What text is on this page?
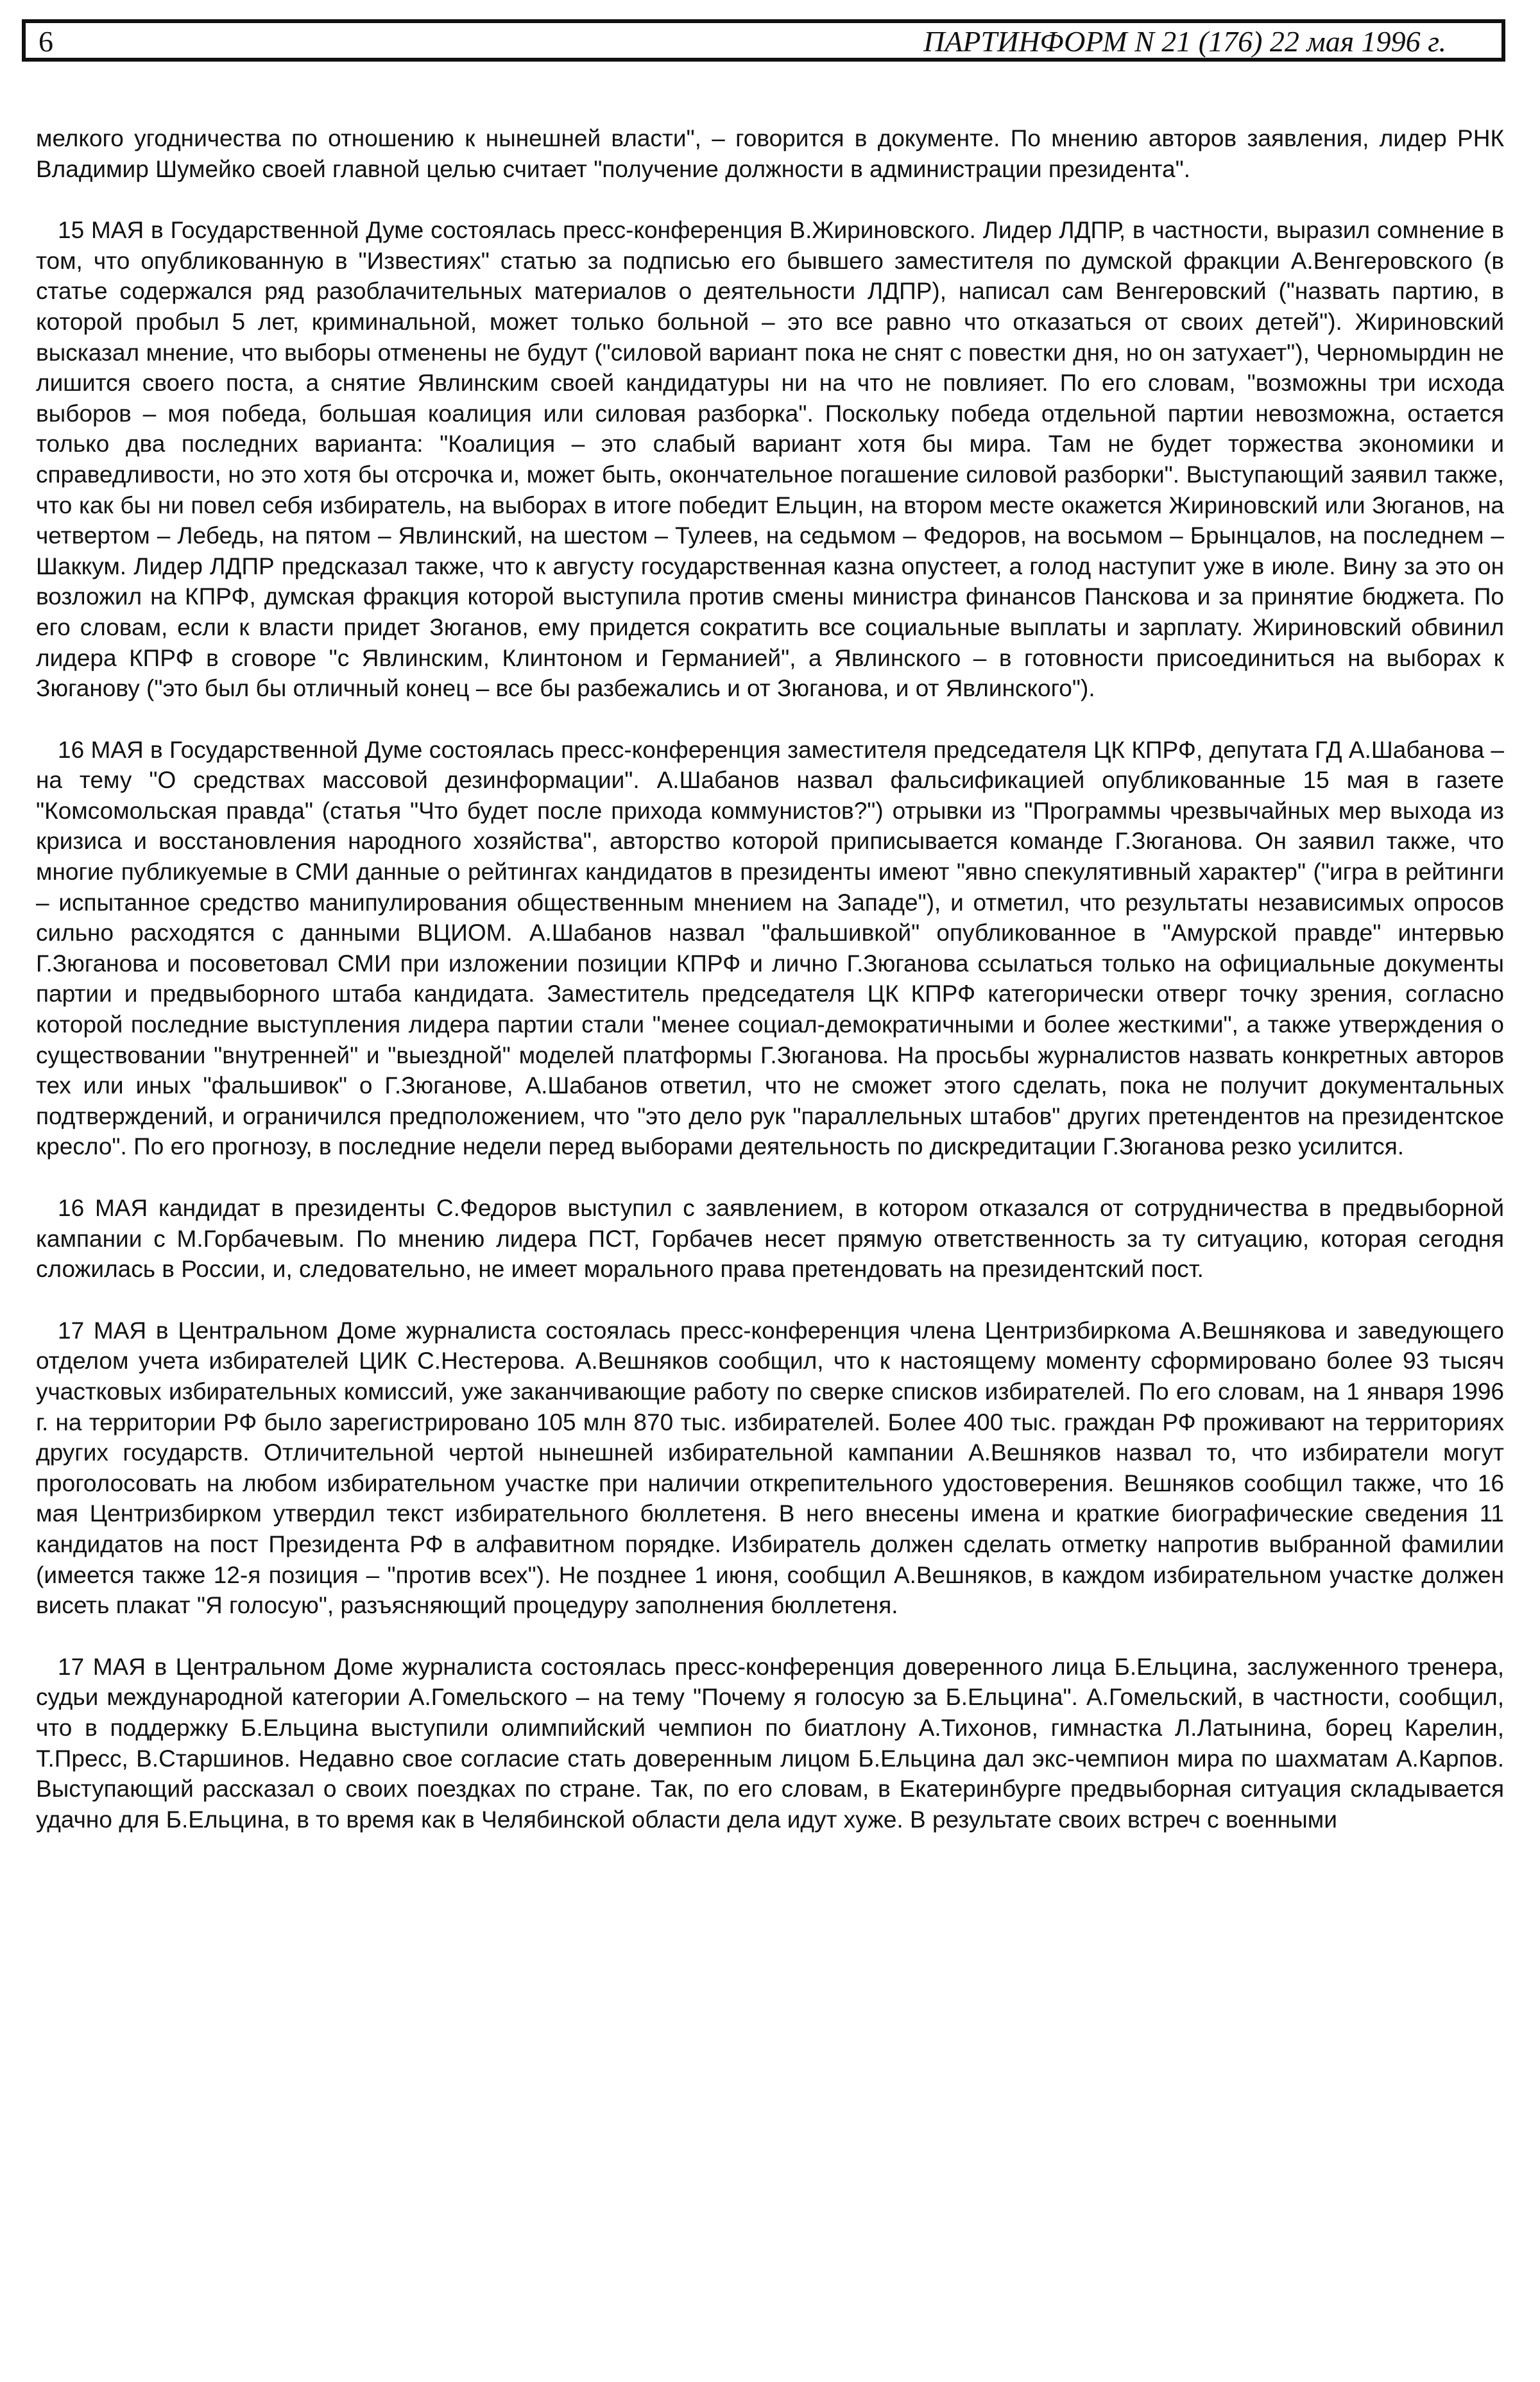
6	ПАРТИНФОРМ N 21 (176) 22 мая 1996 г.

мелкого угодничества по отношению к нынешней власти", – говорится в документе. По мнению авторов заявления, лидер РНК Владимир Шумейко своей главной целью считает "получение должности в администрации президента".

15 МАЯ в Государственной Думе состоялась пресс-конференция В.Жириновского. Лидер ЛДПР, в частности, выразил сомнение в том, что опубликованную в "Известиях" статью за подписью его бывшего заместителя по думской фракции А.Венгеровского (в статье содержался ряд разоблачительных материалов о деятельности ЛДПР), написал сам Венгеровский ("назвать партию, в которой пробыл 5 лет, криминальной, может только больной – это все равно что отказаться от своих детей"). Жириновский высказал мнение, что выборы отменены не будут ("силовой вариант пока не снят с повестки дня, но он затухает"), Черномырдин не лишится своего поста, а снятие Явлинским своей кандидатуры ни на что не повлияет. По его словам, "возможны три исхода выборов – моя победа, большая коалиция или силовая разборка". Поскольку победа отдельной партии невозможна, остается только два последних варианта: "Коалиция – это слабый вариант хотя бы мира. Там не будет торжества экономики и справедливости, но это хотя бы отсрочка и, может быть, окончательное погашение силовой разборки". Выступающий заявил также, что как бы ни повел себя избиратель, на выборах в итоге победит Ельцин, на втором месте окажется Жириновский или Зюганов, на четвертом – Лебедь, на пятом – Явлинский, на шестом – Тулеев, на седьмом – Федоров, на восьмом – Брынцалов, на последнем – Шаккум. Лидер ЛДПР предсказал также, что к августу государственная казна опустеет, а голод наступит уже в июле. Вину за это он возложил на КПРФ, думская фракция которой выступила против смены министра финансов Панскова и за принятие бюджета. По его словам, если к власти придет Зюганов, ему придется сократить все социальные выплаты и зарплату. Жириновский обвинил лидера КПРФ в сговоре "с Явлинским, Клинтоном и Германией", а Явлинского – в готовности присоединиться на выборах к Зюганову ("это был бы отличный конец – все бы разбежались и от Зюганова, и от Явлинского").

16 МАЯ в Государственной Думе состоялась пресс-конференция заместителя председателя ЦК КПРФ, депутата ГД А.Шабанова – на тему "О средствах массовой дезинформации". А.Шабанов назвал фальсификацией опубликованные 15 мая в газете "Комсомольская правда" (статья "Что будет после прихода коммунистов?") отрывки из "Программы чрезвычайных мер выхода из кризиса и восстановления народного хозяйства", авторство которой приписывается команде Г.Зюганова. Он заявил также, что многие публикуемые в СМИ данные о рейтингах кандидатов в президенты имеют "явно спекулятивный характер" ("игра в рейтинги – испытанное средство манипулирования общественным мнением на Западе"), и отметил, что результаты независимых опросов сильно расходятся с данными ВЦИОМ. А.Шабанов назвал "фальшивкой" опубликованное в "Амурской правде" интервью Г.Зюганова и посоветовал СМИ при изложении позиции КПРФ и лично Г.Зюганова ссылаться только на официальные документы партии и предвыборного штаба кандидата. Заместитель председателя ЦК КПРФ категорически отверг точку зрения, согласно которой последние выступления лидера партии стали "менее социал-демократичными и более жесткими", а также утверждения о существовании "внутренней" и "выездной" моделей платформы Г.Зюганова. На просьбы журналистов назвать конкретных авторов тех или иных "фальшивок" о Г.Зюганове, А.Шабанов ответил, что не сможет этого сделать, пока не получит документальных подтверждений, и ограничился предположением, что "это дело рук "параллельных штабов" других претендентов на президентское кресло". По его прогнозу, в последние недели перед выборами деятельность по дискредитации Г.Зюганова резко усилится.

16 МАЯ кандидат в президенты С.Федоров выступил с заявлением, в котором отказался от сотрудничества в предвыборной кампании с М.Горбачевым. По мнению лидера ПСТ, Горбачев несет прямую ответственность за ту ситуацию, которая сегодня сложилась в России, и, следовательно, не имеет морального права претендовать на президентский пост.

17 МАЯ в Центральном Доме журналиста состоялась пресс-конференция члена Центризбиркома А.Вешнякова и заведующего отделом учета избирателей ЦИК С.Нестерова. А.Вешняков сообщил, что к настоящему моменту сформировано более 93 тысяч участковых избирательных комиссий, уже заканчивающие работу по сверке списков избирателей. По его словам, на 1 января 1996 г. на территории РФ было зарегистрировано 105 млн 870 тыс. избирателей. Более 400 тыс. граждан РФ проживают на территориях других государств. Отличительной чертой нынешней избирательной кампании А.Вешняков назвал то, что избиратели могут проголосовать на любом избирательном участке при наличии открепительного удостоверения. Вешняков сообщил также, что 16 мая Центризбирком утвердил текст избирательного бюллетеня. В него внесены имена и краткие биографические сведения 11 кандидатов на пост Президента РФ в алфавитном порядке. Избиратель должен сделать отметку напротив выбранной фамилии (имеется также 12-я позиция – "против всех"). Не позднее 1 июня, сообщил А.Вешняков, в каждом избирательном участке должен висеть плакат "Я голосую", разъясняющий процедуру заполнения бюллетеня.

17 МАЯ в Центральном Доме журналиста состоялась пресс-конференция доверенного лица Б.Ельцина, заслуженного тренера, судьи международной категории А.Гомельского – на тему "Почему я голосую за Б.Ельцина". А.Гомельский, в частности, сообщил, что в поддержку Б.Ельцина выступили олимпийский чемпион по биатлону А.Тихонов, гимнастка Л.Латынина, борец Карелин, Т.Пресс, В.Старшинов. Недавно свое согласие стать доверенным лицом Б.Ельцина дал экс-чемпион мира по шахматам А.Карпов. Выступающий рассказал о своих поездках по стране. Так, по его словам, в Екатеринбурге предвыборная ситуация складывается удачно для Б.Ельцина, в то время как в Челябинской области дела идут хуже. В результате своих встреч с военными
